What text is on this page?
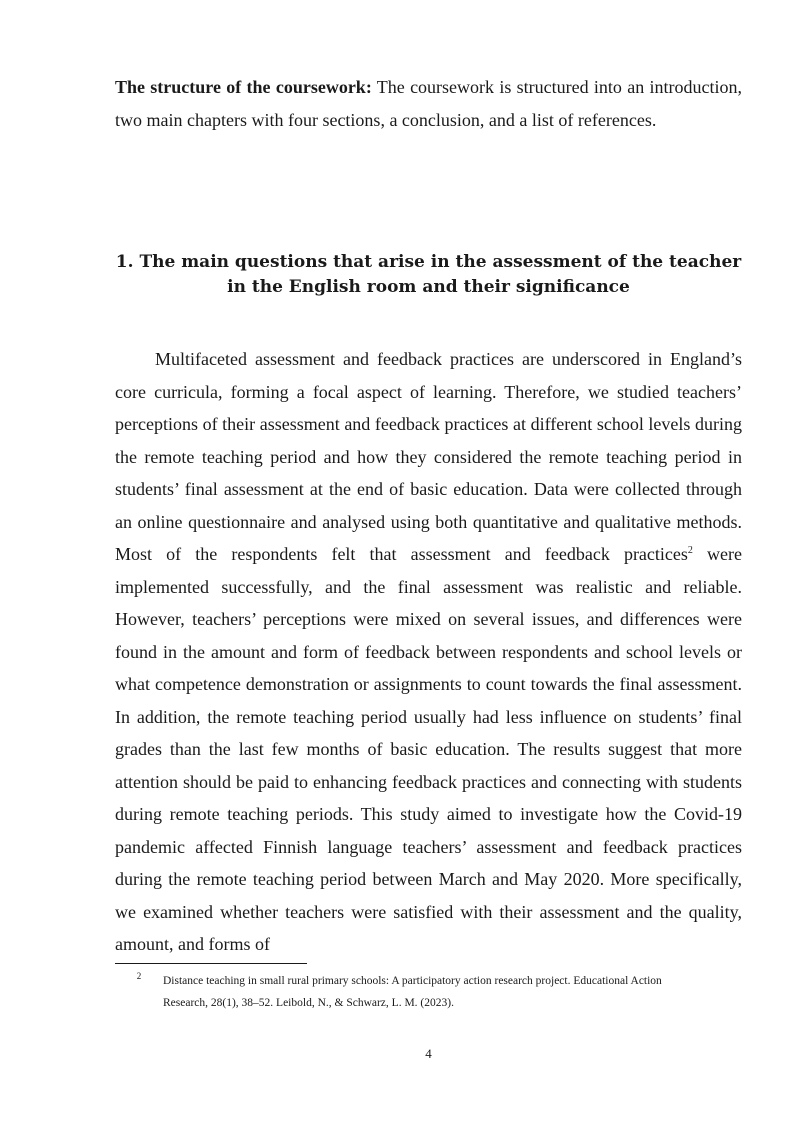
The structure of the coursework: The coursework is structured into an introduction, two main chapters with four sections, a conclusion, and a list of references.

1. The main questions that arise in the assessment of the teacher in the English room and their significance

Multifaceted assessment and feedback practices are underscored in England’s core curricula, forming a focal aspect of learning. Therefore, we studied teachers’ perceptions of their assessment and feedback practices at different school levels during the remote teaching period and how they considered the remote teaching period in students’ final assessment at the end of basic education. Data were collected through an online questionnaire and analysed using both quantitative and qualitative methods. Most of the respondents felt that assessment and feedback practices$^2$ were implemented successfully, and the final assessment was realistic and reliable. However, teachers’ perceptions were mixed on several issues, and differences were found in the amount and form of feedback between respondents and school levels or what competence demonstration or assignments to count towards the final assessment. In addition, the remote teaching period usually had less influence on students’ final grades than the last few months of basic education. The results suggest that more attention should be paid to enhancing feedback practices and connecting with students during remote teaching periods. This study aimed to investigate how the Covid-19 pandemic affected Finnish language teachers’ assessment and feedback practices during the remote teaching period between March and May 2020. More specifically, we examined whether teachers were satisfied with their assessment and the quality, amount, and forms of

2 Distance teaching in small rural primary schools: A participatory action research project. Educational Action
Research, 28(1), 38–52. Leibold, N., & Schwarz, L. M. (2023).

4
